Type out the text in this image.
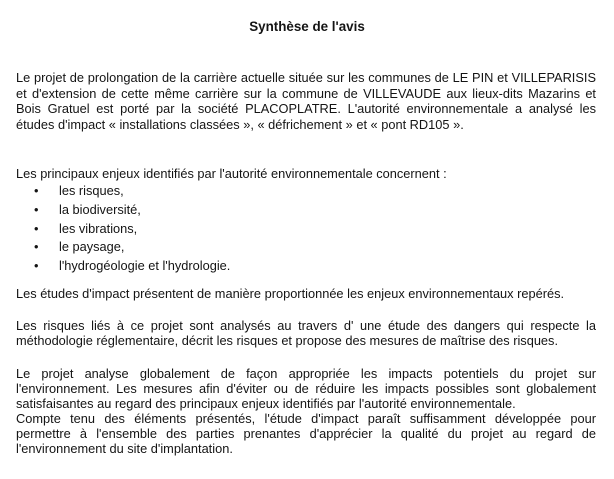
Synthèse de l'avis

Le projet de prolongation de la carrière actuelle située sur les communes de LE PIN et VILLEPARISIS et d'extension de cette même carrière sur la commune de VILLEVAUDE aux lieux-dits Mazarins et Bois Gratuel est porté par la société PLACOPLATRE. L'autorité environnementale a analysé les études d'impact « installations classées », « défrichement » et « pont RD105 ».

Les principaux enjeux identifiés par l'autorité environnementale concernent :

• les risques,
• la biodiversité,
• les vibrations,
• le paysage,
• l'hydrogéologie et l'hydrologie.

Les études d'impact présentent de manière proportionnée les enjeux environnementaux repérés.

Les risques liés à ce projet sont analysés au travers d' une étude des dangers qui respecte la méthodologie réglementaire, décrit les risques et propose des mesures de maîtrise des risques.

Le projet analyse globalement de façon appropriée les impacts potentiels du projet sur l'environnement. Les mesures afin d'éviter ou de réduire les impacts possibles sont globalement satisfaisantes au regard des principaux enjeux identifiés par l'autorité environnementale.

Compte tenu des éléments présentés, l'étude d'impact paraît suffisamment développée pour permettre à l'ensemble des parties prenantes d'apprécier la qualité du projet au regard de l'environnement du site d'implantation.
